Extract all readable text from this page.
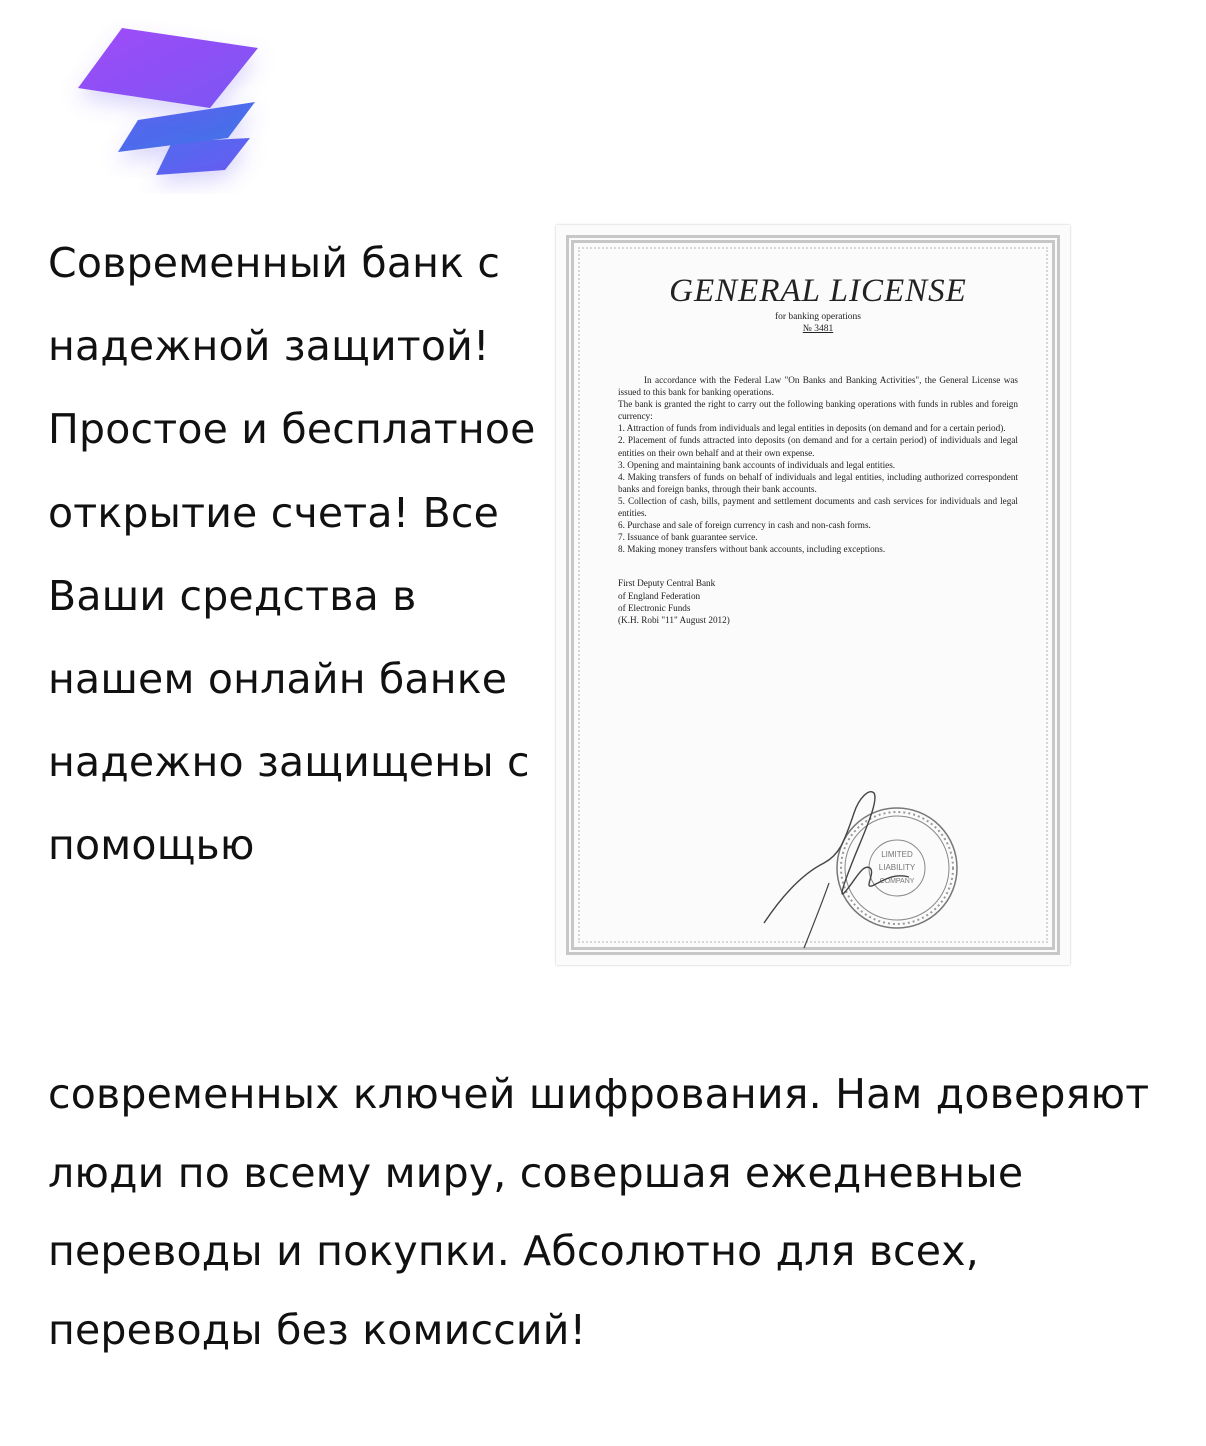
Современный банк с надежной защитой! Простое и бесплатное открытие счета! Все Ваши средства в нашем онлайн банке надежно защищены с помощью

GENERAL LICENSE
for banking operations
№ 3481

In accordance with the Federal Law "On Banks and Banking Activities", the General License was issued to this bank for banking operations.

The bank is granted the right to carry out the following banking operations with funds in rubles and foreign currency:

1. Attraction of funds from individuals and legal entities in deposits (on demand and for a certain period).

2. Placement of funds attracted into deposits (on demand and for a certain period) of individuals and legal entities on their own behalf and at their own expense.

3. Opening and maintaining bank accounts of individuals and legal entities.

4. Making transfers of funds on behalf of individuals and legal entities, including authorized correspondent banks and foreign banks, through their bank accounts.

5. Collection of cash, bills, payment and settlement documents and cash services for individuals and legal entities.

6. Purchase and sale of foreign currency in cash and non-cash forms.

7. Issuance of bank guarantee service.

8. Making money transfers without bank accounts, including exceptions.

First Deputy Central Bank
of England Federation
of Electronic Funds
(K.H. Robi "11" August 2012)
LIMITED
LIABILITY
COMPANY

современных ключей шифрования. Нам доверяют люди по всему миру, совершая ежедневные переводы и покупки. Абсолютно для всех, переводы без комиссий!
